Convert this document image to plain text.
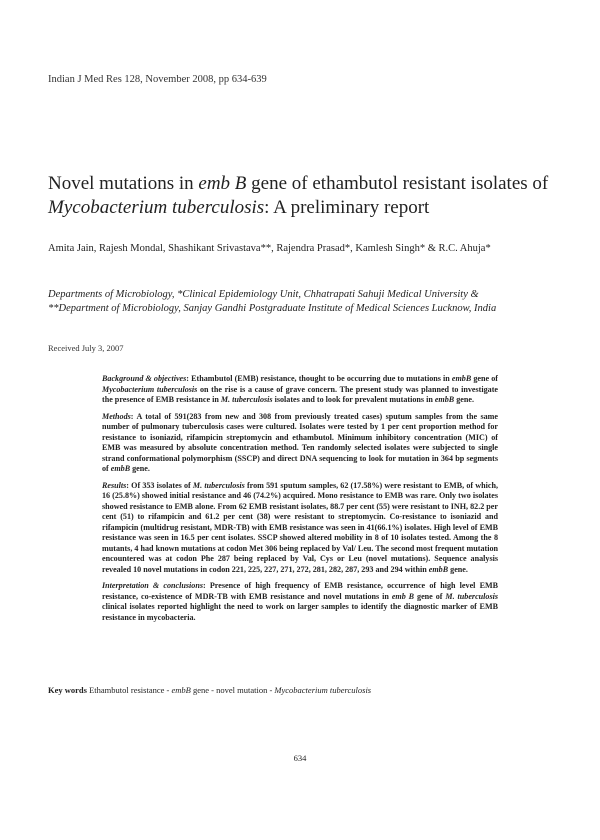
Indian J Med Res 128, November 2008, pp 634-639
Novel mutations in emb B gene of ethambutol resistant isolates of Mycobacterium tuberculosis: A preliminary report
Amita Jain, Rajesh Mondal, Shashikant Srivastava**, Rajendra Prasad*, Kamlesh Singh* & R.C. Ahuja*
Departments of Microbiology, *Clinical Epidemiology Unit, Chhatrapati Sahuji Medical University &
**Department of Microbiology, Sanjay Gandhi Postgraduate Institute of Medical Sciences Lucknow, India
Received July 3, 2007

Background & objectives: Ethambutol (EMB) resistance, thought to be occurring due to mutations in embB gene of Mycobacterium tuberculosis on the rise is a cause of grave concern. The present study was planned to investigate the presence of EMB resistance in M. tuberculosis isolates and to look for prevalent mutations in embB gene.

Methods: A total of 591(283 from new and 308 from previously treated cases) sputum samples from the same number of pulmonary tuberculosis cases were cultured. Isolates were tested by 1 per cent proportion method for resistance to isoniazid, rifampicin streptomycin and ethambutol. Minimum inhibitory concentration (MIC) of EMB was measured by absolute concentration method. Ten randomly selected isolates were subjected to single strand conformational polymorphism (SSCP) and direct DNA sequencing to look for mutation in 364 bp segments of embB gene.

Results: Of 353 isolates of M. tuberculosis from 591 sputum samples, 62 (17.58%) were resistant to EMB, of which, 16 (25.8%) showed initial resistance and 46 (74.2%) acquired. Mono resistance to EMB was rare. Only two isolates showed resistance to EMB alone. From 62 EMB resistant isolates, 88.7 per cent (55) were resistant to INH, 82.2 per cent (51) to rifampicin and 61.2 per cent (38) were resistant to streptomycin. Co-resistance to isoniazid and rifampicin (multidrug resistant, MDR-TB) with EMB resistance was seen in 41(66.1%) isolates. High level of EMB resistance was seen in 16.5 per cent isolates. SSCP showed altered mobility in 8 of 10 isolates tested. Among the 8 mutants, 4 had known mutations at codon Met 306 being replaced by Val/ Leu. The second most frequent mutation encountered was at codon Phe 287 being replaced by Val, Cys or Leu (novel mutations). Sequence analysis revealed 10 novel mutations in codon 221, 225, 227, 271, 272, 281, 282, 287, 293 and 294 within embB gene.

Interpretation & conclusions: Presence of high frequency of EMB resistance, occurrence of high level EMB resistance, co-existence of MDR-TB with EMB resistance and novel mutations in emb B gene of M. tuberculosis clinical isolates reported highlight the need to work on larger samples to identify the diagnostic marker of EMB resistance in mycobacteria.

Key words Ethambutol resistance - embB gene - novel mutation - Mycobacterium tuberculosis
634
